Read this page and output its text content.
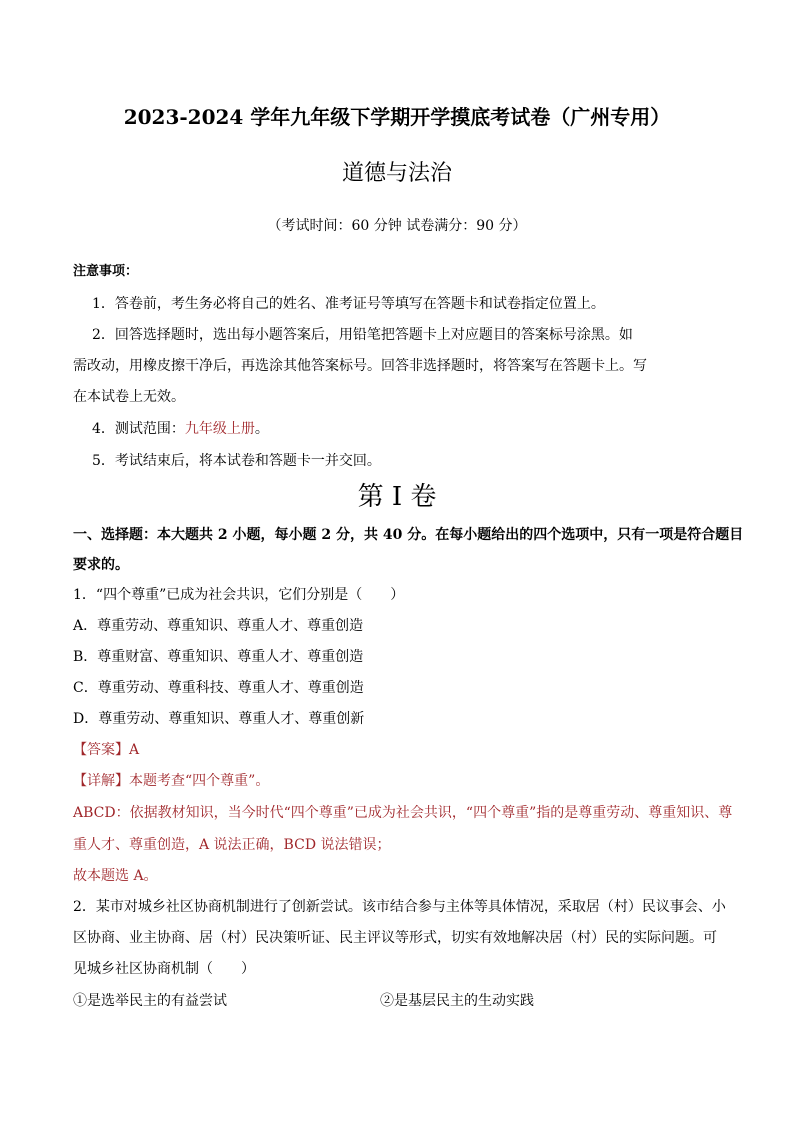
2023-2024 学年九年级下学期开学摸底考试卷（广州专用）
道德与法治
（考试时间：60 分钟 试卷满分：90 分）
注意事项：
1．答卷前，考生务必将自己的姓名、准考证号等填写在答题卡和试卷指定位置上。
2．回答选择题时，选出每小题答案后，用铅笔把答题卡上对应题目的答案标号涂黑。如
需改动，用橡皮擦干净后，再选涂其他答案标号。回答非选择题时，将答案写在答题卡上。写
在本试卷上无效。
4．测试范围：九年级上册。
5．考试结束后，将本试卷和答题卡一并交回。
第 I 卷
一、选择题：本大题共 2 小题，每小题 2 分，共 40 分。在每小题给出的四个选项中，只有一项是符合题目
要求的。
1．“四个尊重”已成为社会共识，它们分别是（　　）
A．尊重劳动、尊重知识、尊重人才、尊重创造
B．尊重财富、尊重知识、尊重人才、尊重创造
C．尊重劳动、尊重科技、尊重人才、尊重创造
D．尊重劳动、尊重知识、尊重人才、尊重创新
【答案】A
【详解】本题考查“四个尊重”。
ABCD：依据教材知识，当今时代“四个尊重”已成为社会共识，“四个尊重”指的是尊重劳动、尊重知识、尊
重人才、尊重创造，A 说法正确，BCD 说法错误；
故本题选 A。
2．某市对城乡社区协商机制进行了创新尝试。该市结合参与主体等具体情况，采取居（村）民议事会、小
区协商、业主协商、居（村）民决策听证、民主评议等形式，切实有效地解决居（村）民的实际问题。可
见城乡社区协商机制（　　）
①是选举民主的有益尝试	②是基层民主的生动实践
